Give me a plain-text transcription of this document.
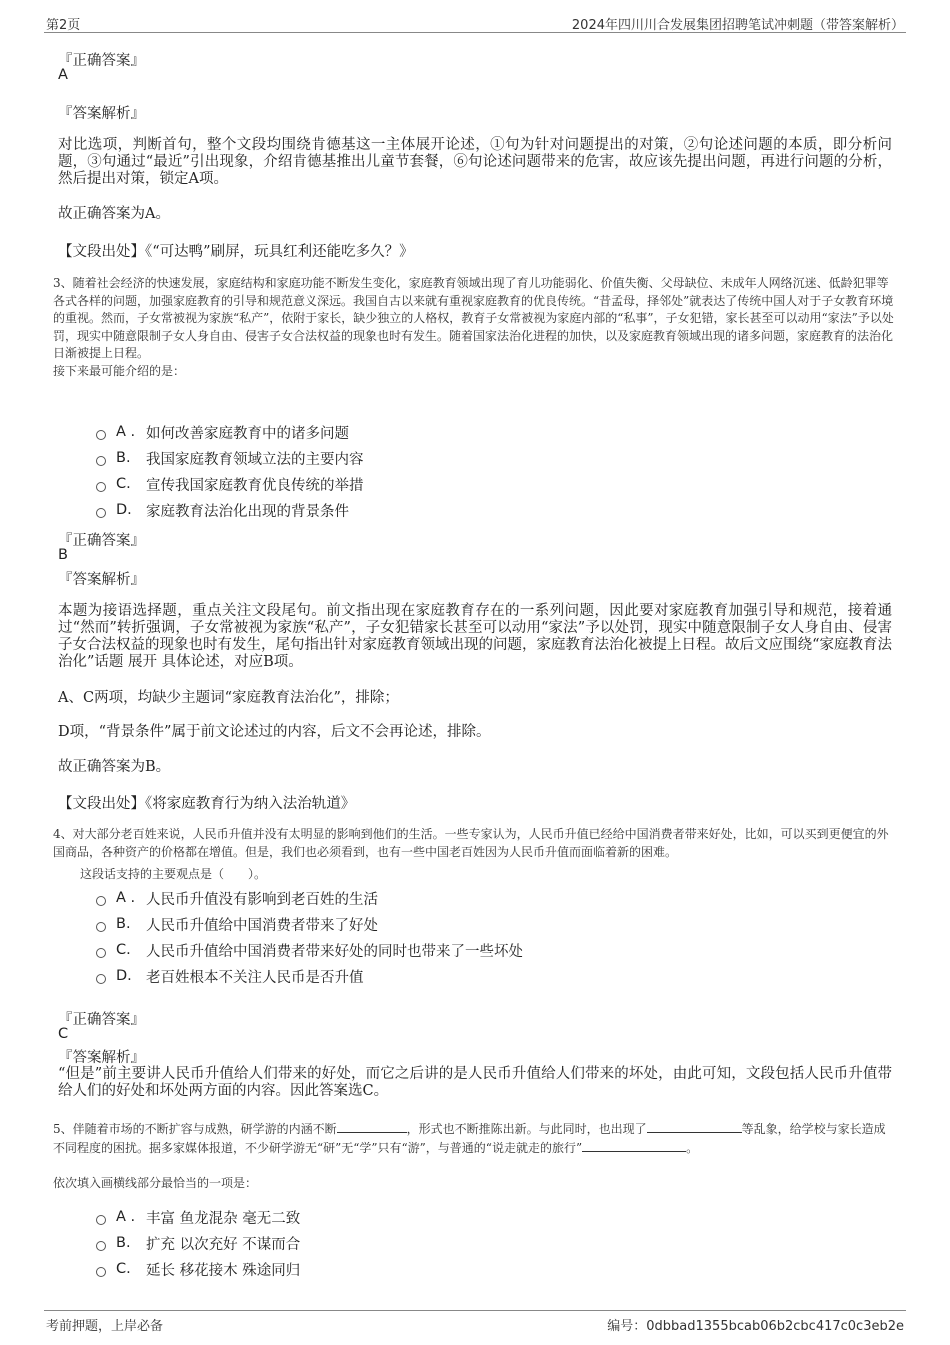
第2页	2024年四川川合发展集团招聘笔试冲刺题（带答案解析）
『正确答案』
A
『答案解析』

对比选项，判断首句，整个文段均围绕肯德基这一主体展开论述，①句为针对问题提出的对策，②句论述问题的本质，即分析问题，③句通过“最近”引出现象，介绍肯德基推出儿童节套餐，⑥句论述问题带来的危害，故应该先提出问题，再进行问题的分析，然后提出对策，锁定A项。

故正确答案为A。

【文段出处】《“可达鸭”刷屏，玩具红利还能吃多久？》

3、随着社会经济的快速发展，家庭结构和家庭功能不断发生变化，家庭教育领域出现了育儿功能弱化、价值失衡、父母缺位、未成年人网络沉迷、低龄犯罪等各式各样的问题，加强家庭教育的引导和规范意义深远。我国自古以来就有重视家庭教育的优良传统。“昔孟母，择邻处”就表达了传统中国人对于子女教育环境的重视。然而，子女常被视为家族“私产”，依附于家长，缺少独立的人格权，教育子女常被视为家庭内部的“私事”，子女犯错，家长甚至可以动用“家法”予以处罚，现实中随意限制子女人身自由、侵害子女合法权益的现象也时有发生。随着国家法治化进程的加快，以及家庭教育领域出现的诸多问题，家庭教育的法治化日渐被提上日程。

接下来最可能介绍的是：
A . 如何改善家庭教育中的诸多问题
B.	我国家庭教育领域立法的主要内容
C.	宣传我国家庭教育优良传统的举措
D. 家庭教育法治化出现的背景条件
『正确答案』
B
『答案解析』

本题为接语选择题，重点关注文段尾句。前文指出现在家庭教育存在的一系列问题，因此要对家庭教育加强引导和规范，接着通过“然而”转折强调，子女常被视为家族“私产”，子女犯错家长甚至可以动用“家法”予以处罚，现实中随意限制子女人身自由、侵害子女合法权益的现象也时有发生，尾句指出针对家庭教育领域出现的问题，家庭教育法治化被提上日程。故后文应围绕“家庭教育法治化”话题 展开 具体论述，对应B项。

A、C两项，均缺少主题词“家庭教育法治化”，排除；

D项，“背景条件”属于前文论述过的内容，后文不会再论述，排除。

故正确答案为B。

【文段出处】《将家庭教育行为纳入法治轨道》

4、对大部分老百姓来说，人民币升值并没有太明显的影响到他们的生活。一些专家认为，人民币升值已经给中国消费者带来好处，比如，可以买到更便宜的外国商品，各种资产的价格都在增值。但是，我们也必须看到，也有一些中国老百姓因为人民币升值而面临着新的困难。

这段话支持的主要观点是（　　）。
A . 人民币升值没有影响到老百姓的生活
B.	人民币升值给中国消费者带来了好处
C.	人民币升值给中国消费者带来好处的同时也带来了一些坏处
D. 老百姓根本不关注人民币是否升值
『正确答案』
C
『答案解析』

“但是”前主要讲人民币升值给人们带来的好处，而它之后讲的是人民币升值给人们带来的坏处，由此可知，文段包括人民币升值带给人们的好处和坏处两方面的内容。因此答案选C。

5、伴随着市场的不断扩容与成熟，研学游的内涵不断	，形式也不断推陈出新。与此同时，也出现了	等乱象，给学校与家长造成不同程度的困扰。据多家媒体报道，不少研学游无“研”无“学”只有“游”，与普通的“说走就走的旅行”	。

依次填入画横线部分最恰当的一项是：
A . 丰富 鱼龙混杂 毫无二致
B.	扩充 以次充好 不谋而合
C.	延长 移花接木 殊途同归
考前押题，上岸必备	编号：0dbbad1355bcab06b2cbc417c0c3eb2e
